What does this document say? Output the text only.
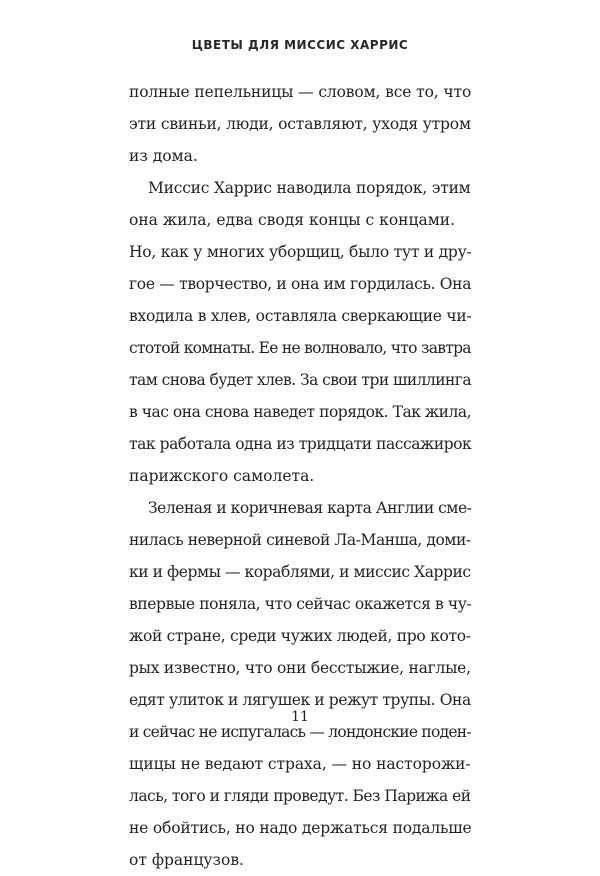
ЦВЕТЫ ДЛЯ МИССИС ХАРРИС
полные пепельницы — словом, все то, что
эти свиньи, люди, оставляют, уходя утром
из дома.
Миссис Харрис наводила порядок, этим
она жила, едва сводя концы с концами.
Но, как у многих уборщиц, было тут и дру-
гое — творчество, и она им гордилась. Она
входила в хлев, оставляла сверкающие чи-
стотой комнаты. Ее не волновало, что завтра
там снова будет хлев. За свои три шиллинга
в час она снова наведет порядок. Так жила,
так работала одна из тридцати пассажирок
парижского самолета.
Зеленая и коричневая карта Англии сме-
нилась неверной синевой Ла-Манша, доми-
ки и фермы — кораблями, и миссис Харрис
впервые поняла, что сейчас окажется в чу-
жой стране, среди чужих людей, про кото-
рых известно, что они бесстыжие, наглые,
едят улиток и лягушек и режут трупы. Она
и сейчас не испугалась — лондонские поден-
щицы не ведают страха, — но насторожи-
лась, того и гляди проведут. Без Парижа ей
не обойтись, но надо держаться подальше
от французов.
11
